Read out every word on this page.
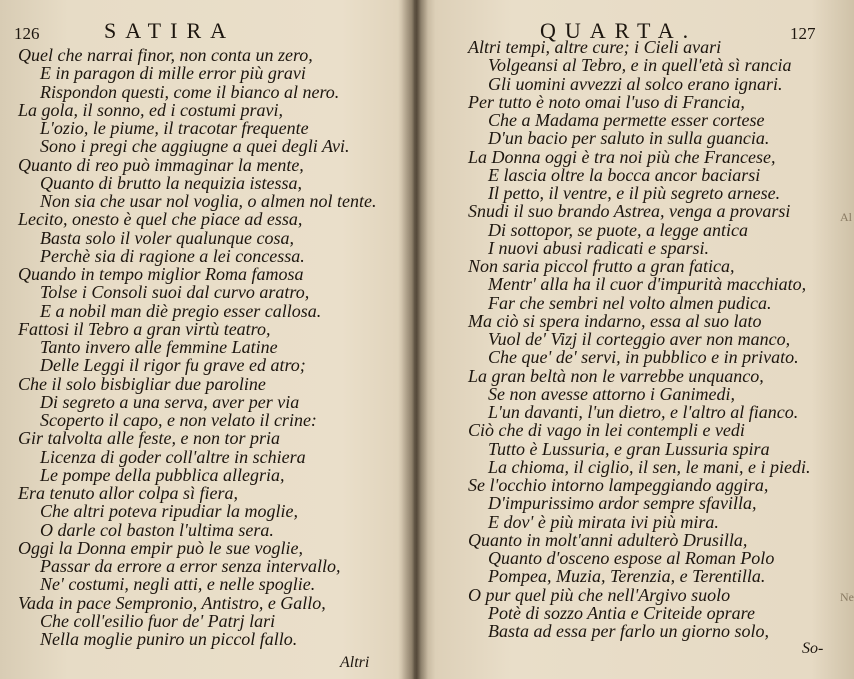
126	SATIRA
Quel che narrai finor, non conta un zero,
E in paragon di mille error più gravi
Rispondon questi, come il bianco al nero.
La gola, il sonno, ed i costumi pravi,
L'ozio, le piume, il tracotar frequente
Sono i pregi che aggiugne a quei degli Avi.
Quanto di reo può immaginar la mente,
Quanto di brutto la nequizia istessa,
Non sia che usar nol voglia, o almen nol tente.
Lecito, onesto è quel che piace ad essa,
Basta solo il voler qualunque cosa,
Perchè sia di ragione a lei concessa.
Quando in tempo miglior Roma famosa
Tolse i Consoli suoi dal curvo aratro,
E a nobil man diè pregio esser callosa.
Fattosi il Tebro a gran virtù teatro,
Tanto invero alle femmine Latine
Delle Leggi il rigor fu grave ed atro;
Che il solo bisbigliar due paroline
Di segreto a una serva, aver per via
Scoperto il capo, e non velato il crine:
Gir talvolta alle feste, e non tor pria
Licenza di goder coll'altre in schiera
Le pompe della pubblica allegria,
Era tenuto allor colpa sì fiera,
Che altri poteva ripudiar la moglie,
O darle col baston l'ultima sera.
Oggi la Donna empir può le sue voglie,
Passar da errore a error senza intervallo,
Ne' costumi, negli atti, e nelle spoglie.
Vada in pace Sempronio, Antistro, e Gallo,
Che coll'esilio fuor de' Patrj lari
Nella moglie puniro un piccol fallo.
Altri
QUARTA.	127
Altri tempi, altre cure; i Cieli avari
Volgeansi al Tebro, e in quell'età sì rancia
Gli uomini avvezzi al solco erano ignari.
Per tutto è noto omai l'uso di Francia,
Che a Madama permette esser cortese
D'un bacio per saluto in sulla guancia.
La Donna oggi è tra noi più che Francese,
E lascia oltre la bocca ancor baciarsi
Il petto, il ventre, e il più segreto arnese.
Snudi il suo brando Astrea, venga a provarsi
Di sottopor, se puote, a legge antica
I nuovi abusi radicati e sparsi.
Non saria piccol frutto a gran fatica,
Mentr' alla ha il cuor d'impurità macchiato,
Far che sembri nel volto almen pudica.
Ma ciò si spera indarno, essa al suo lato
Vuol de' Vizj il corteggio aver non manco,
Che que' de' servi, in pubblico e in privato.
La gran beltà non le varrebbe unquanco,
Se non avesse attorno i Ganimedi,
L'un davanti, l'un dietro, e l'altro al fianco.
Ciò che di vago in lei contempli e vedi
Tutto è Lussuria, e gran Lussuria spira
La chioma, il ciglio, il sen, le mani, e i piedi.
Se l'occhio intorno lampeggiando aggira,
D'impurissimo ardor sempre sfavilla,
E dov' è più mirata ivi più mira.
Quanto in molt'anni adulterò Drusilla,
Quanto d'osceno espose al Roman Polo
Pompea, Muzia, Terenzia, e Terentilla.
O pur quel più che nell'Argivo suolo
Potè di sozzo Antia e Criteide oprare
Basta ad essa per farlo un giorno solo,
So-
Al
Ne
